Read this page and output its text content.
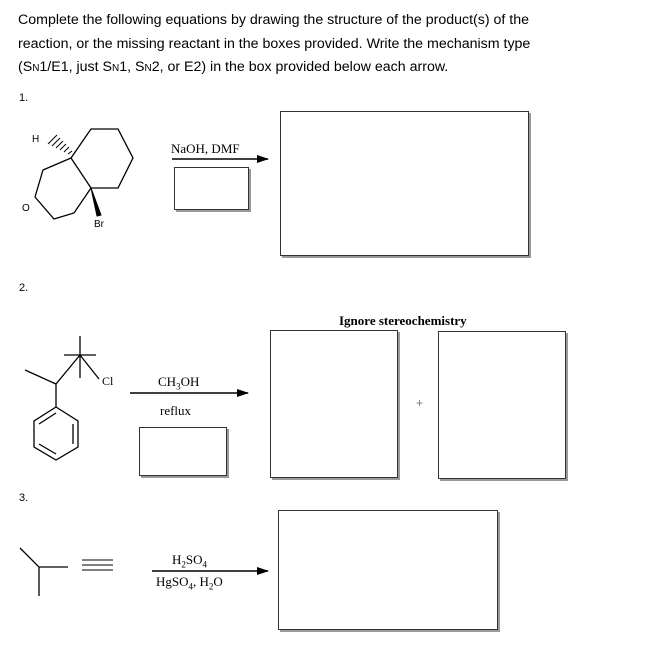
Complete the following equations by drawing the structure of the product(s) of the

reaction, or the missing reactant in the boxes provided. Write the mechanism type

(SN1/E1, just SN1, SN2, or E2) in the box provided below each arrow.

1.
2.
3.
H
O
Br
Cl
NaOH, DMF
$CH_3OH$
reflux
$H_2SO_4$
HgSO$_4$, $H_2O$
Ignore stereochemistry
+
